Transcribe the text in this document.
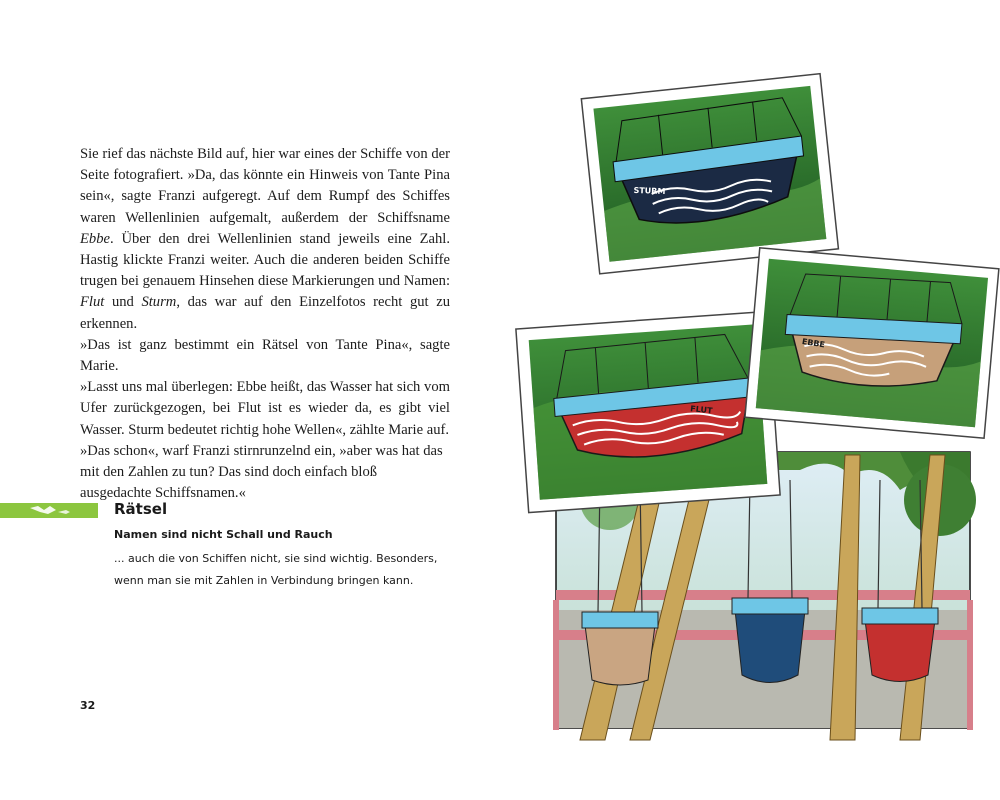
Sie rief das nächste Bild auf, hier war eines der Schiffe von der Seite fotografiert. »Da, das könnte ein Hinweis von Tante Pina sein«, sagte Franzi aufgeregt. Auf dem Rumpf des Schiffes waren Wellenlinien aufgemalt, außerdem der Schiffsname Ebbe. Über den drei Wellenlinien stand jeweils eine Zahl. Hastig klickte Franzi weiter. Auch die anderen beiden Schiffe trugen bei genauem Hinsehen diese Markierungen und Namen: Flut und Sturm, das war auf den Einzelfotos recht gut zu erkennen.

»Das ist ganz bestimmt ein Rätsel von Tante Pina«, sagte Marie.

»Lasst uns mal überlegen: Ebbe heißt, das Wasser hat sich vom Ufer zurückgezogen, bei Flut ist es wieder da, es gibt viel Wasser. Sturm bedeutet richtig hohe Wellen«, zählte Marie auf.

»Das schon«, warf Franzi stirnrunzelnd ein, »aber was hat das mit den Zahlen zu tun? Das sind doch einfach bloß ausgedachte Schiffsnamen.«

Rätsel
Namen sind nicht Schall und Rauch
... auch die von Schiffen nicht, sie sind wichtig. Besonders, wenn man sie mit Zahlen in Verbindung bringen kann.
32
FLUT
STURM
EBBE
